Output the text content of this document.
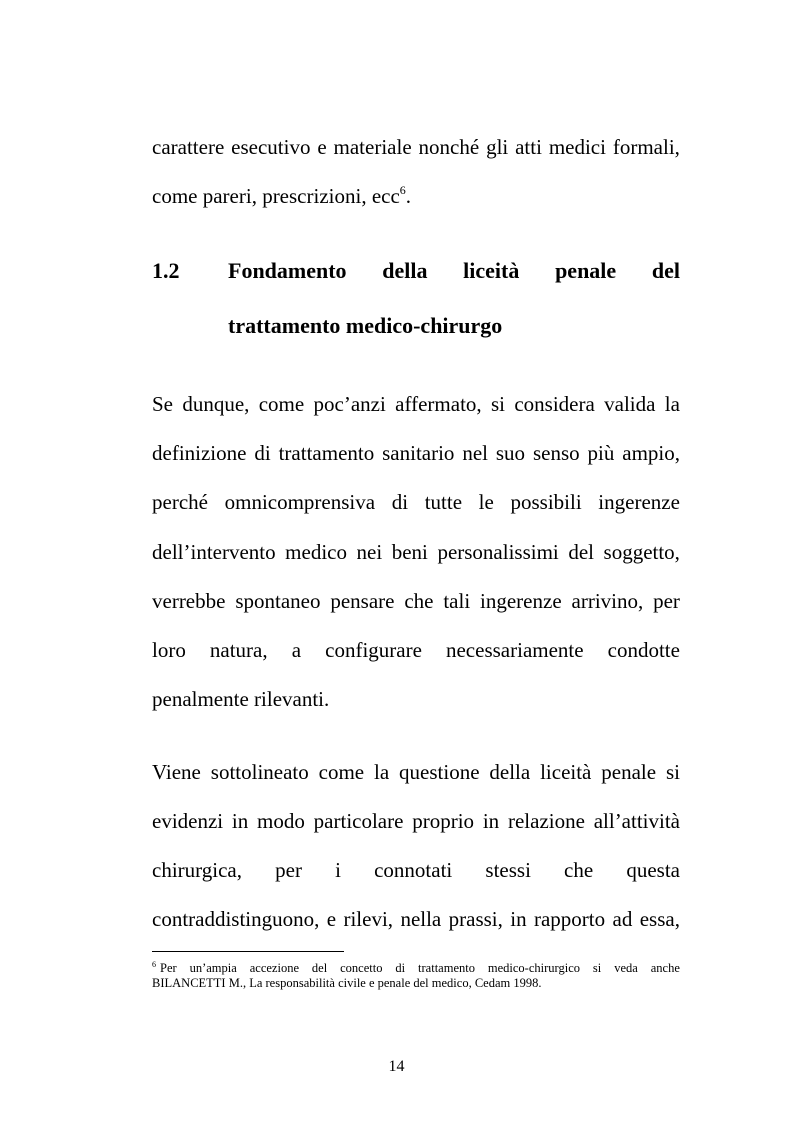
carattere esecutivo e materiale nonché gli atti medici formali,
come pareri, prescrizioni, ecc$^6$.
1.2 Fondamento della liceità penale del
trattamento medico-chirurgo
Se dunque, come poc’anzi affermato, si considera valida la
definizione di trattamento sanitario nel suo senso più ampio,
perché omnicomprensiva di tutte le possibili ingerenze
dell’intervento medico nei beni personalissimi del soggetto,
verrebbe spontaneo pensare che tali ingerenze arrivino, per
loro natura, a configurare necessariamente condotte
penalmente rilevanti.
Viene sottolineato come la questione della liceità penale si
evidenzi in modo particolare proprio in relazione all’attività
chirurgica, per i connotati stessi che questa
contraddistinguono, e rilevi, nella prassi, in rapporto ad essa,
6 Per un’ampia accezione del concetto di trattamento medico-chirurgico si veda anche
BILANCETTI M., La responsabilità civile e penale del medico, Cedam 1998.
14
